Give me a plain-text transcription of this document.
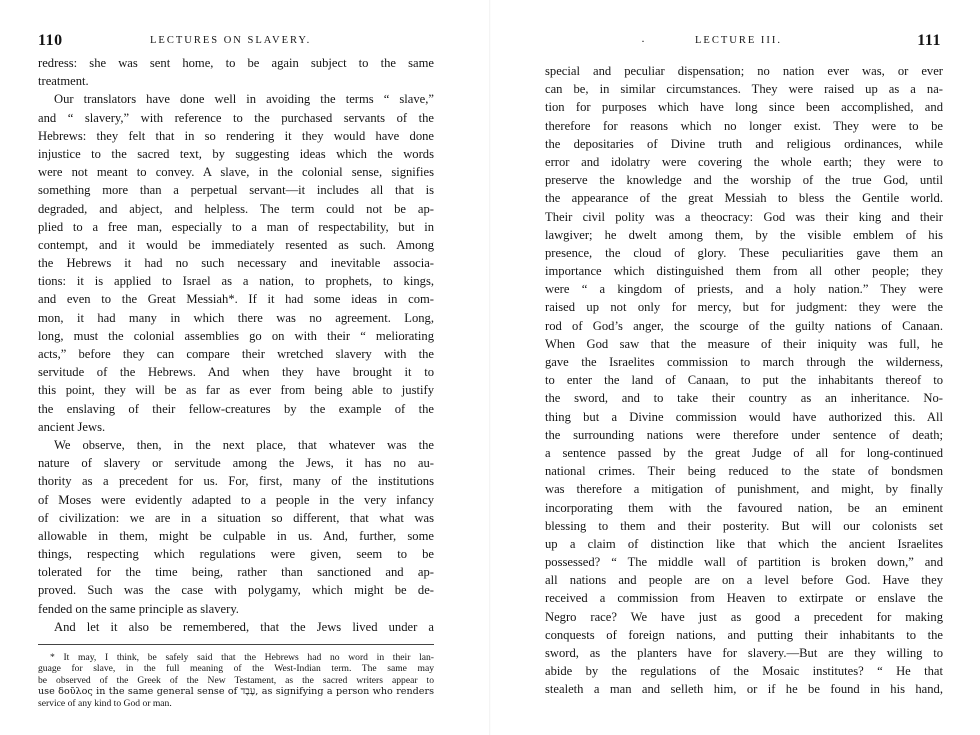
110	LECTURES ON SLAVERY.
redress: she was sent home, to be again subject to the same
treatment.
Our translators have done well in avoiding the terms “ slave,”
and “ slavery,” with reference to the purchased servants of the
Hebrews: they felt that in so rendering it they would have done
injustice to the sacred text, by suggesting ideas which the words
were not meant to convey. A slave, in the colonial sense, signifies
something more than a perpetual servant—it includes all that is
degraded, and abject, and helpless. The term could not be ap-
plied to a free man, especially to a man of respectability, but in
contempt, and it would be immediately resented as such. Among
the Hebrews it had no such necessary and inevitable associa-
tions: it is applied to Israel as a nation, to prophets, to kings,
and even to the Great Messiah*. If it had some ideas in com-
mon, it had many in which there was no agreement. Long,
long, must the colonial assemblies go on with their “ meliorating
acts,” before they can compare their wretched slavery with the
servitude of the Hebrews. And when they have brought it to
this point, they will be as far as ever from being able to justify
the enslaving of their fellow-creatures by the example of the
ancient Jews.
We observe, then, in the next place, that whatever was the
nature of slavery or servitude among the Jews, it has no au-
thority as a precedent for us. For, first, many of the institutions
of Moses were evidently adapted to a people in the very infancy
of civilization: we are in a situation so different, that what was
allowable in them, might be culpable in us. And, further, some
things, respecting which regulations were given, seem to be
tolerated for the time being, rather than sanctioned and ap-
proved. Such was the case with polygamy, which might be de-
fended on the same principle as slavery.
And let it also be remembered, that the Jews lived under a
* It may, I think, be safely said that the Hebrews had no word in their lan-
guage for slave, in the full meaning of the West-Indian term. The same may
be observed of the Greek of the New Testament, as the sacred writers appear to
use δοῦλος in the same general sense of עֶבֶד, as signifying a person who renders
service of any kind to God or man.
·	LECTURE III.	111
special and peculiar dispensation; no nation ever was, or ever
can be, in similar circumstances. They were raised up as a na-
tion for purposes which have long since been accomplished, and
therefore for reasons which no longer exist. They were to be
the depositaries of Divine truth and religious ordinances, while
error and idolatry were covering the whole earth; they were to
preserve the knowledge and the worship of the true God, until
the appearance of the great Messiah to bless the Gentile world.
Their civil polity was a theocracy: God was their king and their
lawgiver; he dwelt among them, by the visible emblem of his
presence, the cloud of glory. These peculiarities gave them an
importance which distinguished them from all other people; they
were “ a kingdom of priests, and a holy nation.” They were
raised up not only for mercy, but for judgment: they were the
rod of God’s anger, the scourge of the guilty nations of Canaan.
When God saw that the measure of their iniquity was full, he
gave the Israelites commission to march through the wilderness,
to enter the land of Canaan, to put the inhabitants thereof to
the sword, and to take their country as an inheritance. No-
thing but a Divine commission would have authorized this. All
the surrounding nations were therefore under sentence of death;
a sentence passed by the great Judge of all for long-continued
national crimes. Their being reduced to the state of bondsmen
was therefore a mitigation of punishment, and might, by finally
incorporating them with the favoured nation, be an eminent
blessing to them and their posterity. But will our colonists set
up a claim of distinction like that which the ancient Israelites
possessed? “ The middle wall of partition is broken down,” and
all nations and people are on a level before God. Have they
received a commission from Heaven to extirpate or enslave the
Negro race? We have just as good a precedent for making
conquests of foreign nations, and putting their inhabitants to the
sword, as the planters have for slavery.—But are they willing to
abide by the regulations of the Mosaic institutes? “ He that
stealeth a man and selleth him, or if he be found in his hand,
